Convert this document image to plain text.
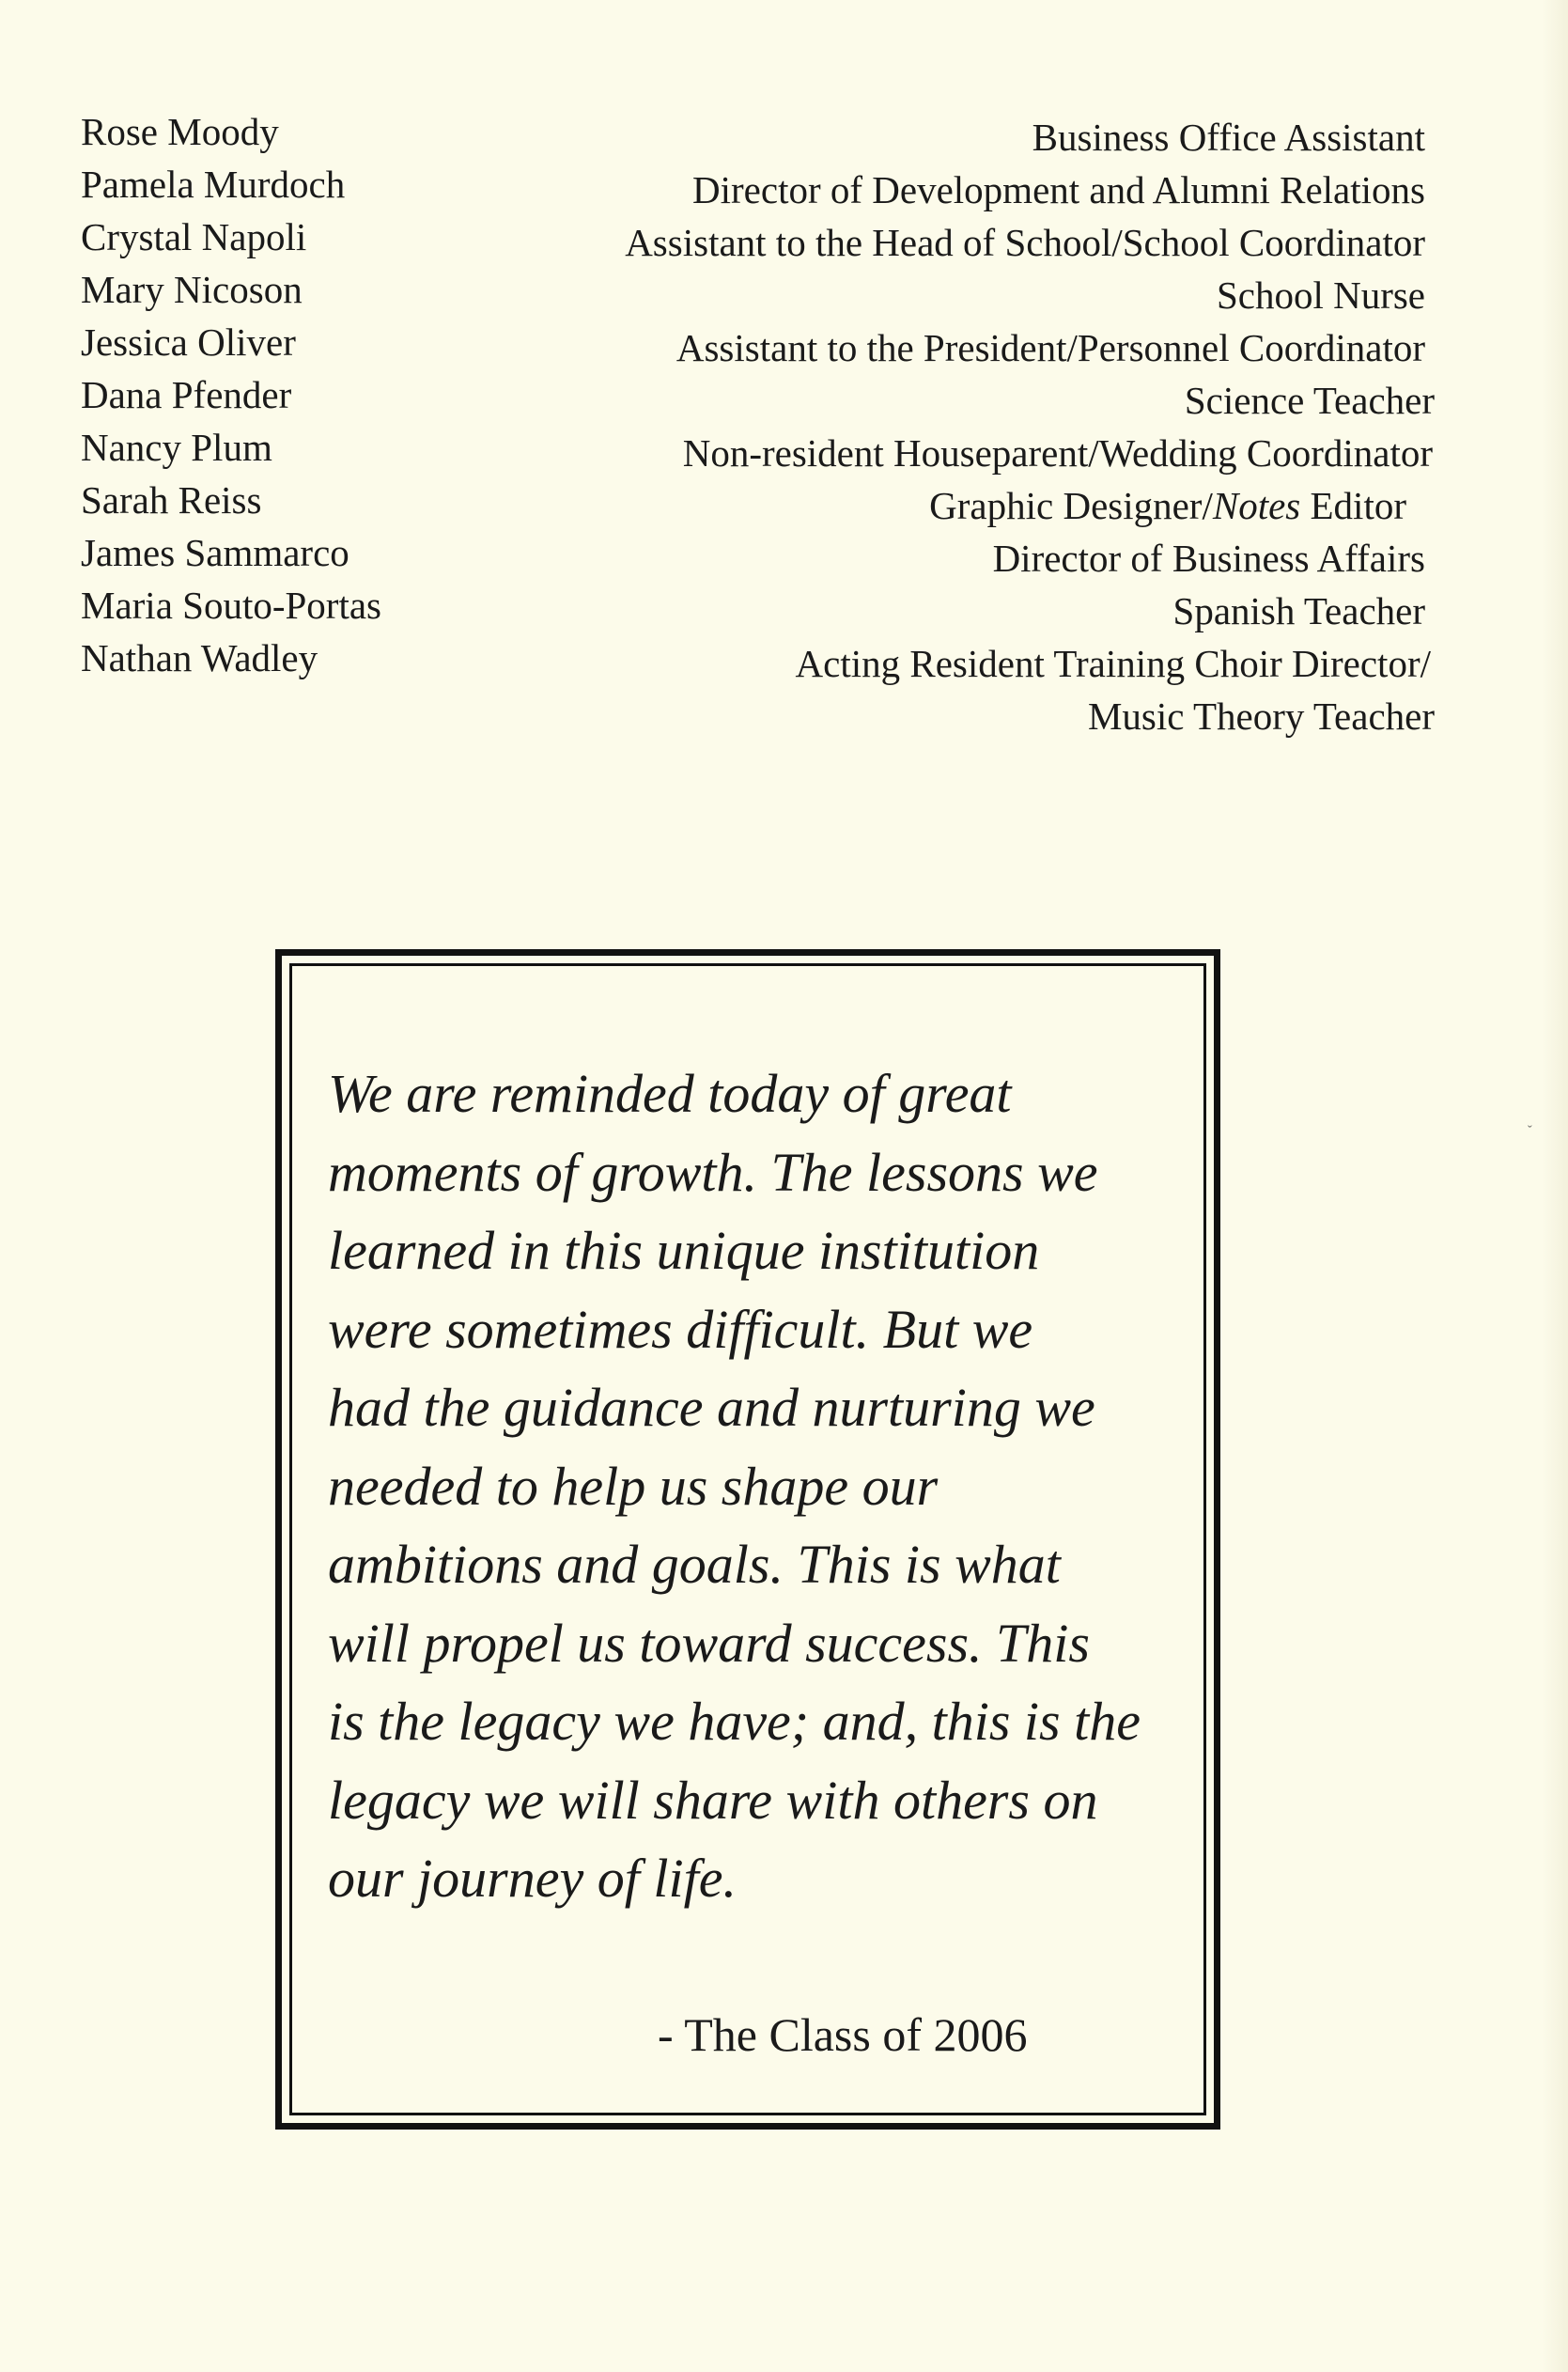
Rose Moody	Business Office Assistant
Pamela Murdoch	Director of Development and Alumni Relations
Crystal Napoli	Assistant to the Head of School/School Coordinator
Mary Nicoson	School Nurse
Jessica Oliver	Assistant to the President/Personnel Coordinator
Dana Pfender	Science Teacher
Nancy Plum	Non-resident Houseparent/Wedding Coordinator
Sarah Reiss	Graphic Designer/Notes Editor
James Sammarco	Director of Business Affairs
Maria Souto-Portas	Spanish Teacher
Nathan Wadley	Acting Resident Training Choir Director/
Music Theory Teacher
We are reminded today of great
moments of growth. The lessons we
learned in this unique institution
were sometimes difficult. But we
had the guidance and nurturing we
needed to help us shape our
ambitions and goals. This is what
will propel us toward success. This
is the legacy we have; and, this is the
legacy we will share with others on
our journey of life.
- The Class of 2006
ˇ
